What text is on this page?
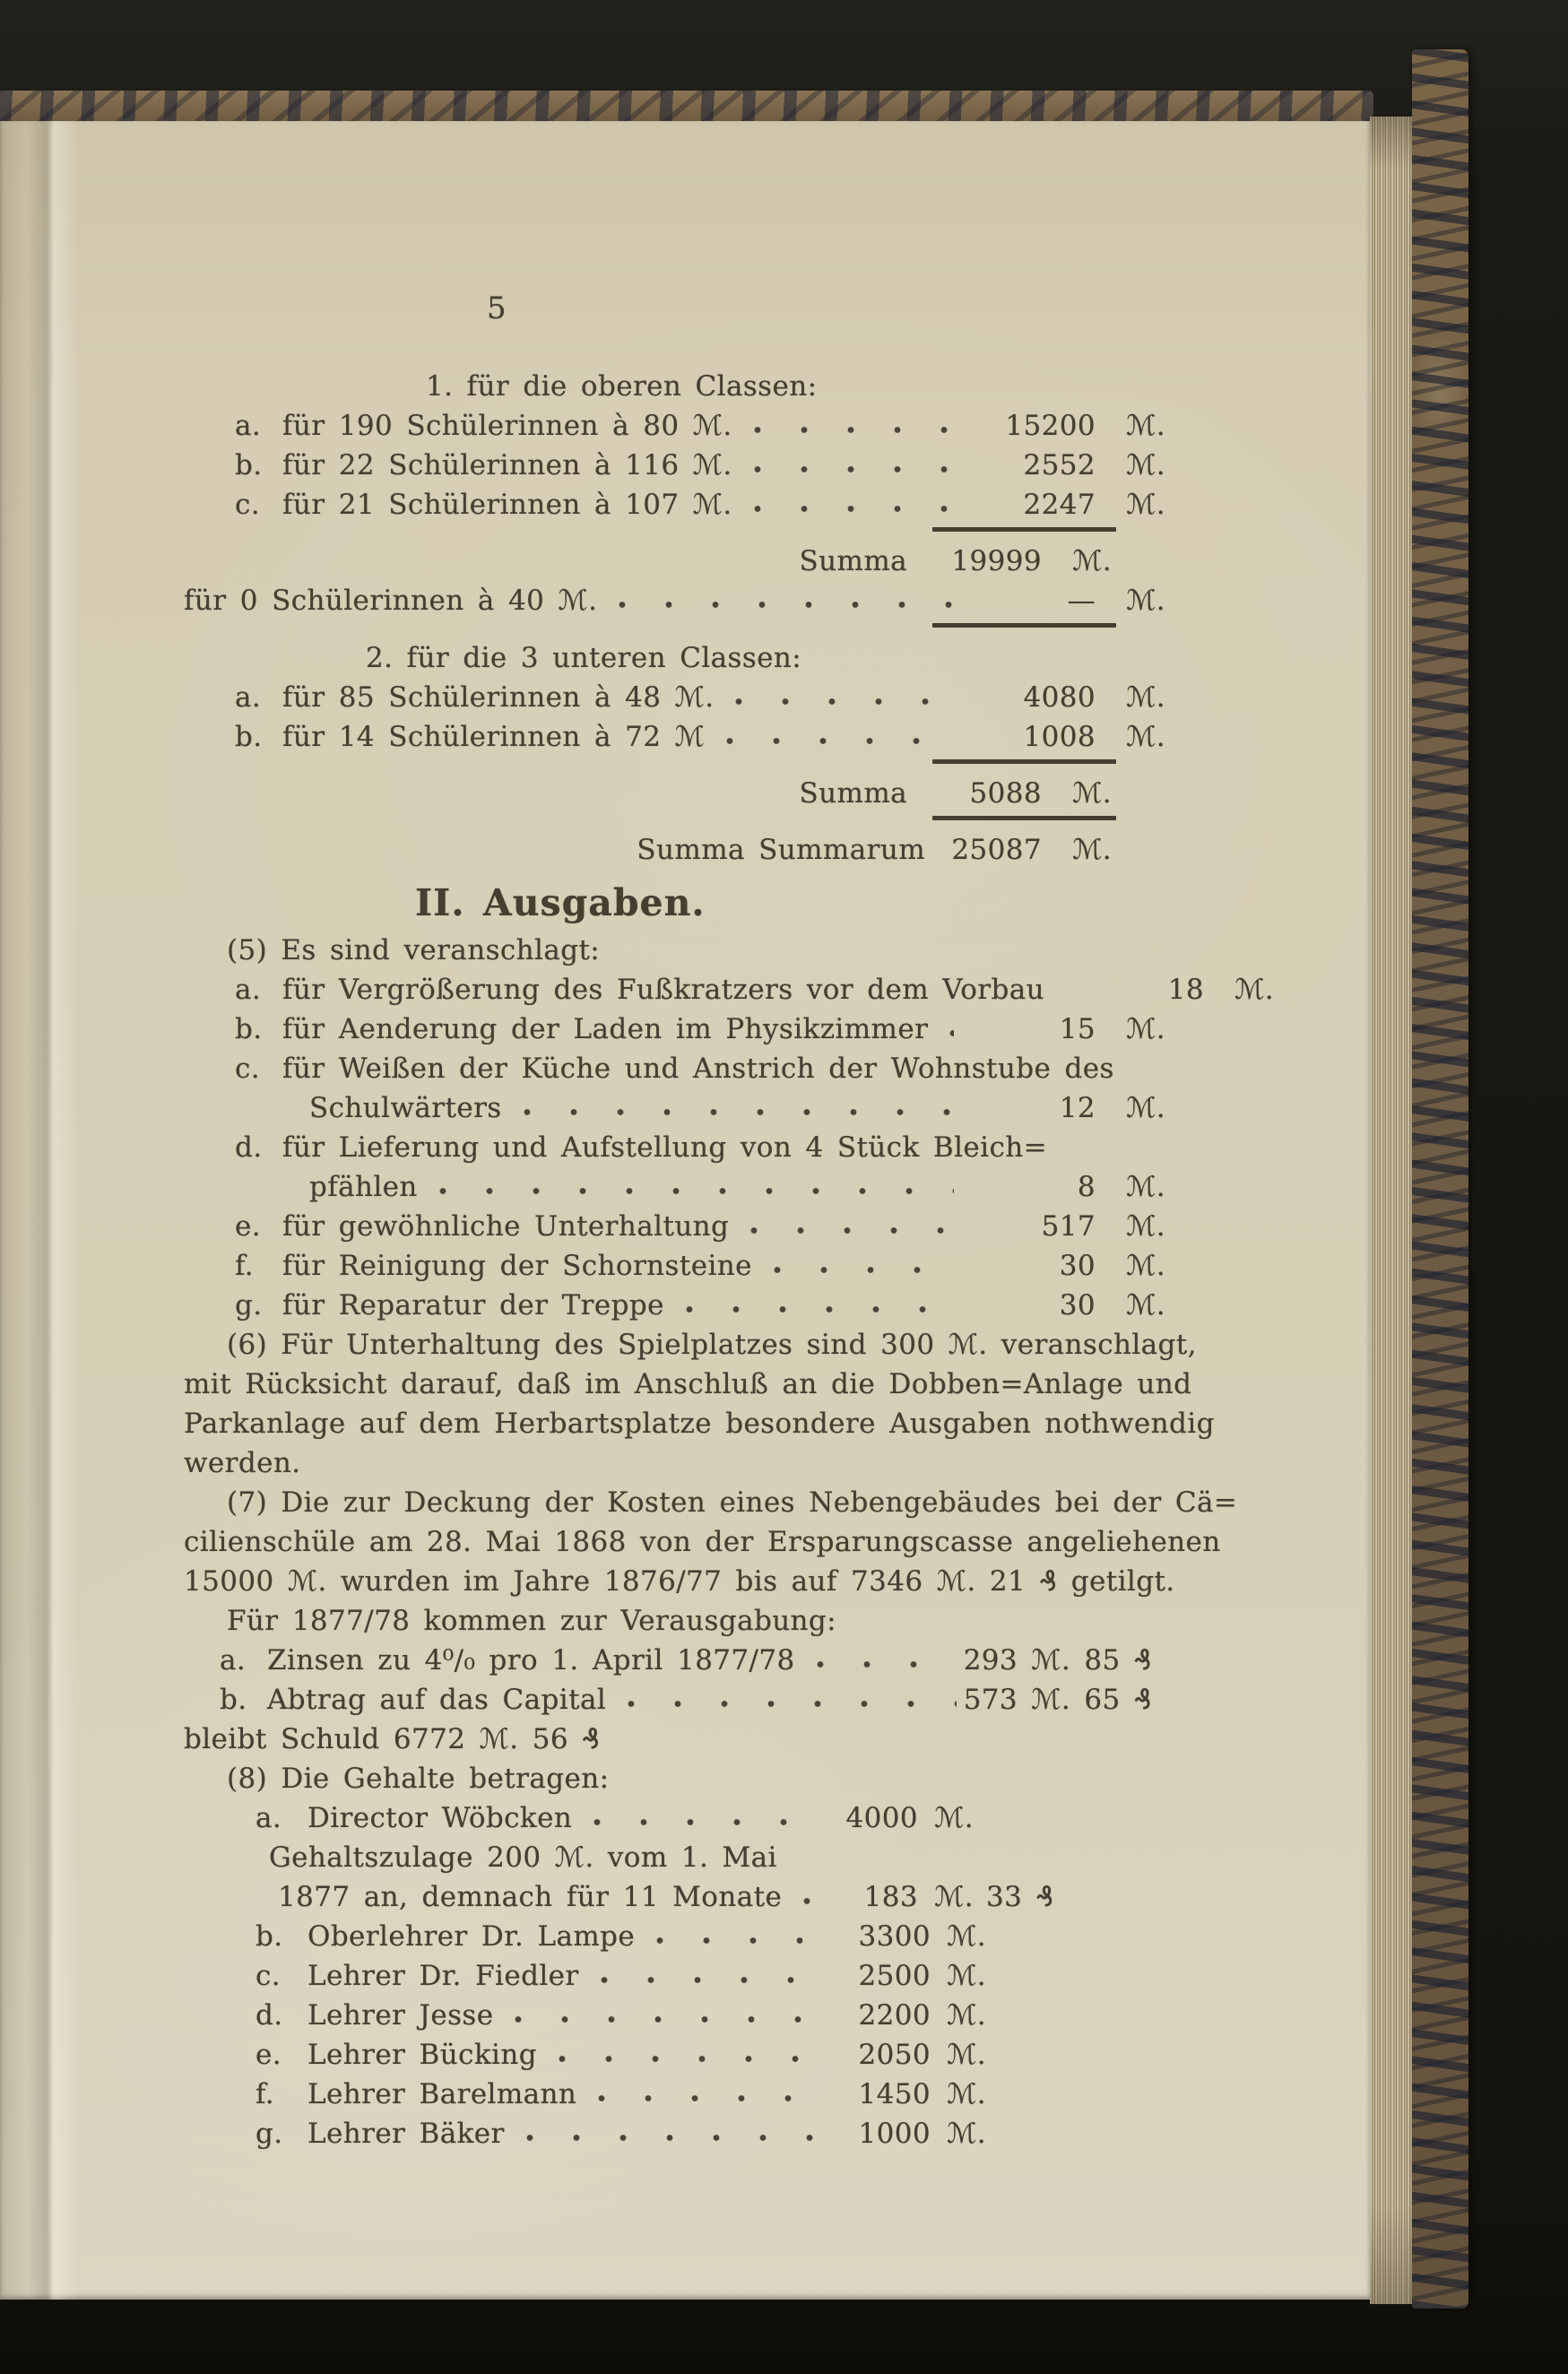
5
1. für die oberen Classen:
a. für 190 Schülerinnen à 80 ℳ.	15200	ℳ.
b. für 22 Schülerinnen à 116 ℳ.	2552	ℳ.
c. für 21 Schülerinnen à 107 ℳ.	2247	ℳ.
Summa	19999	ℳ.
für 0 Schülerinnen à 40 ℳ.	—	ℳ.
2. für die 3 unteren Classen:
a. für 85 Schülerinnen à 48 ℳ.	4080	ℳ.
b. für 14 Schülerinnen à 72 ℳ	1008	ℳ.
Summa	5088	ℳ.
Summa Summarum 25087	ℳ.
II. Ausgaben.
(5) Es sind veranschlagt:
a. für Vergrößerung des Fußkratzers vor dem Vorbau	18	ℳ.
b. für Aenderung der Laden im Physikzimmer	15	ℳ.
c. für Weißen der Küche und Anstrich der Wohnstube des
Schulwärters	12	ℳ.
d. für Lieferung und Aufstellung von 4 Stück Bleich=
pfählen	8	ℳ.
e. für gewöhnliche Unterhaltung	517	ℳ.
f.	für Reinigung der Schornsteine	30	ℳ.
g. für Reparatur der Treppe	30	ℳ.
(6) Für Unterhaltung des Spielplatzes sind 300 ℳ. veranschlagt,
mit Rücksicht darauf, daß im Anschluß an die Dobben=Anlage und
Parkanlage auf dem Herbartsplatze besondere Ausgaben nothwendig
werden.
(7) Die zur Deckung der Kosten eines Nebengebäudes bei der Cä=
cilienschüle am 28. Mai 1868 von der Ersparungscasse angeliehenen
15000 ℳ. wurden im Jahre 1876/77 bis auf 7346 ℳ. 21 ₰ getilgt.
Für 1877/78 kommen zur Verausgabung:
a. Zinsen zu 4⁰/₀ pro 1. April 1877/78	293 ℳ. 85 ₰
b. Abtrag auf das Capital	573 ℳ. 65 ₰
bleibt Schuld 6772 ℳ. 56 ₰
(8) Die Gehalte betragen:
a. Director Wöbcken	4000 ℳ.
Gehaltszulage 200 ℳ. vom 1. Mai
1877 an, demnach für 11 Monate	183 ℳ. 33 ₰
b. Oberlehrer Dr. Lampe	3300 ℳ.
c. Lehrer Dr. Fiedler	2500 ℳ.
d. Lehrer Jesse	2200 ℳ.
e. Lehrer Bücking	2050 ℳ.
f.	Lehrer Barelmann	1450 ℳ.
g. Lehrer Bäker	1000 ℳ.
